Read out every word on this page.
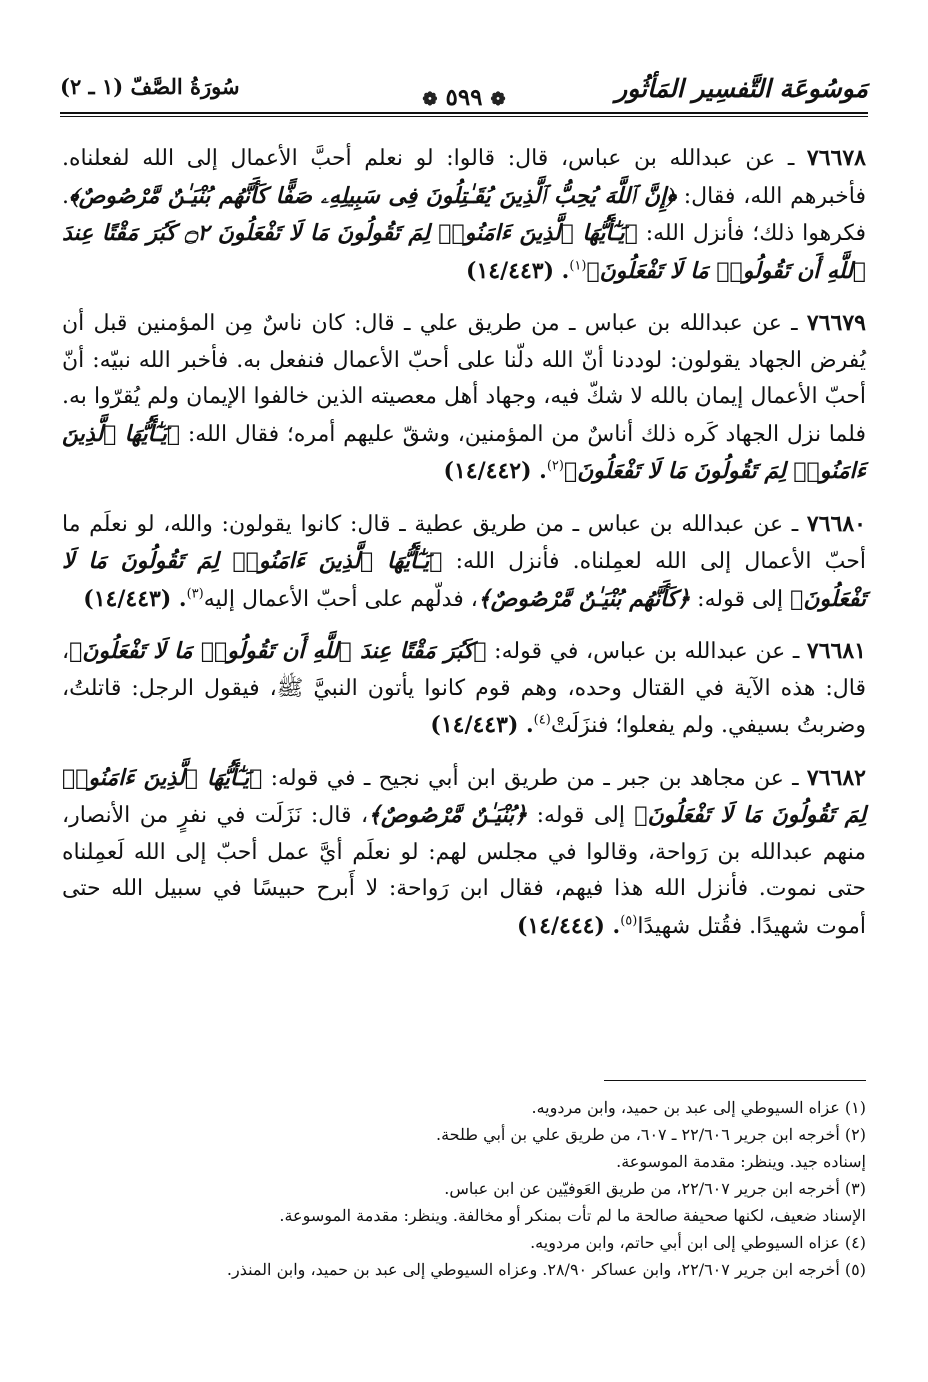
مَوسُوعَة التَّفسِير المَأثُور
سُورَةُ الصَّفّ (١ ـ ٢)
❁ ٥٩٩ ❁

٧٦٦٧٨ ـ عن عبدالله بن عباس، قال: قالوا: لو نعلم أحبَّ الأعمال إلى الله لفعلناه. فأخبرهم الله، فقال: ﴿إِنَّ ٱللَّهَ يُحِبُّ ٱلَّذِينَ يُقَـٰتِلُونَ فِى سَبِيلِهِۦ صَفًّا كَأَنَّهُم بُنْيَـٰنٌ مَّرْصُوصٌ﴾. فكرهوا ذلك؛ فأنزل الله: ﴿يَـٰٓأَيُّهَا ٱلَّذِينَ ءَامَنُوا۟ لِمَ تَقُولُونَ مَا لَا تَفْعَلُونَ ۝٢ كَبُرَ مَقْتًا عِندَ ٱللَّهِ أَن تَقُولُوا۟ مَا لَا تَفْعَلُونَ﴾$^{(١)}$. (١٤/٤٤٣)

٧٦٦٧٩ ـ عن عبدالله بن عباس ـ من طريق علي ـ قال: كان ناسٌ مِن المؤمنين قبل أن يُفرض الجهاد يقولون: لوددنا أنّ الله دلّنا على أحبّ الأعمال فنفعل به. فأخبر الله نبيّه: أنّ أحبّ الأعمال إيمان بالله لا شكّ فيه، وجهاد أهل معصيته الذين خالفوا الإيمان ولم يُقرّوا به. فلما نزل الجهاد كَره ذلك أناسٌ من المؤمنين، وشقّ عليهم أمره؛ فقال الله: ﴿يَـٰٓأَيُّهَا ٱلَّذِينَ ءَامَنُوا۟ لِمَ تَقُولُونَ مَا لَا تَفْعَلُونَ﴾$^{(٢)}$. (١٤/٤٤٢)

٧٦٦٨٠ ـ عن عبدالله بن عباس ـ من طريق عطية ـ قال: كانوا يقولون: والله، لو نعلَم ما أحبّ الأعمال إلى الله لعمِلناه. فأنزل الله: ﴿يَـٰٓأَيُّهَا ٱلَّذِينَ ءَامَنُوا۟ لِمَ تَقُولُونَ مَا لَا تَفْعَلُونَ﴾ إلى قوله: ﴿كَأَنَّهُم بُنْيَـٰنٌ مَّرْصُوصٌ﴾، فدلّهم على أحبّ الأعمال إليه$^{(٣)}$. (١٤/٤٤٣)

٧٦٦٨١ ـ عن عبدالله بن عباس، في قوله: ﴿كَبُرَ مَقْتًا عِندَ ٱللَّهِ أَن تَقُولُوا۟ مَا لَا تَفْعَلُونَ﴾، قال: هذه الآية في القتال وحده، وهم قوم كانوا يأتون النبيَّ ﷺ، فيقول الرجل: قاتلتُ، وضربتُ بسيفي. ولم يفعلوا؛ فنزَلَتْ$^{(٤)}$. (١٤/٤٤٣)

٧٦٦٨٢ ـ عن مجاهد بن جبر ـ من طريق ابن أبي نجيح ـ في قوله: ﴿يَـٰٓأَيُّهَا ٱلَّذِينَ ءَامَنُوا۟ لِمَ تَقُولُونَ مَا لَا تَفْعَلُونَ﴾ إلى قوله: ﴿بُنْيَـٰنٌ مَّرْصُوصٌ﴾، قال: نَزَلَت في نفرٍ من الأنصار، منهم عبدالله بن رَواحة، وقالوا في مجلس لهم: لو نعلَم أيَّ عمل أحبّ إلى الله لَعمِلناه حتى نموت. فأنزل الله هذا فيهم، فقال ابن رَواحة: لا أَبرح حبيسًا في سبيل الله حتى أموت شهيدًا. فقُتل شهيدًا$^{(٥)}$. (١٤/٤٤٤)

(١) عزاه السيوطي إلى عبد بن حميد، وابن مردويه.
(٢) أخرجه ابن جرير ٢٢/٦٠٦ ـ ٦٠٧، من طريق علي بن أبي طلحة.
إسناده جيد. وينظر: مقدمة الموسوعة.
(٣) أخرجه ابن جرير ٢٢/٦٠٧، من طريق العَوفيّين عن ابن عباس.
الإسناد ضعيف، لكنها صحيفة صالحة ما لم تأت بمنكر أو مخالفة. وينظر: مقدمة الموسوعة.
(٤) عزاه السيوطي إلى ابن أبي حاتم، وابن مردويه.
(٥) أخرجه ابن جرير ٢٢/٦٠٧، وابن عساكر ٢٨/٩٠. وعزاه السيوطي إلى عبد بن حميد، وابن المنذر.
